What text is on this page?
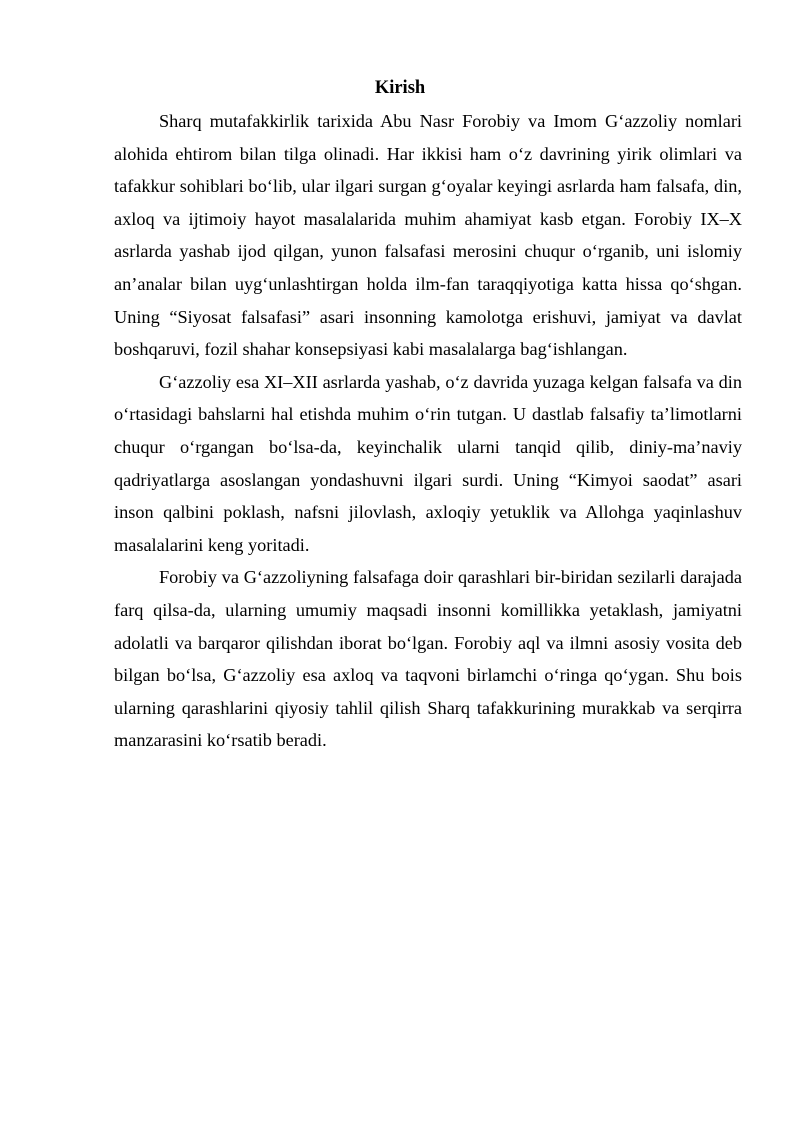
Kirish

Sharq mutafakkirlik tarixida Abu Nasr Forobiy va Imom G‘azzoliy nomlari alohida ehtirom bilan tilga olinadi. Har ikkisi ham o‘z davrining yirik olimlari va tafakkur sohiblari bo‘lib, ular ilgari surgan g‘oyalar keyingi asrlarda ham falsafa, din, axloq va ijtimoiy hayot masalalarida muhim ahamiyat kasb etgan. Forobiy IX–X asrlarda yashab ijod qilgan, yunon falsafasi merosini chuqur o‘rganib, uni islomiy an’analar bilan uyg‘unlashtirgan holda ilm-fan taraqqiyotiga katta hissa qo‘shgan. Uning “Siyosat falsafasi” asari insonning kamolotga erishuvi, jamiyat va davlat boshqaruvi, fozil shahar konsepsiyasi kabi masalalarga bag‘ishlangan.

G‘azzoliy esa XI–XII asrlarda yashab, o‘z davrida yuzaga kelgan falsafa va din o‘rtasidagi bahslarni hal etishda muhim o‘rin tutgan. U dastlab falsafiy ta’limotlarni chuqur o‘rgangan bo‘lsa-da, keyinchalik ularni tanqid qilib, diniy-ma’naviy qadriyatlarga asoslangan yondashuvni ilgari surdi. Uning “Kimyoi saodat” asari inson qalbini poklash, nafsni jilovlash, axloqiy yetuklik va Allohga yaqinlashuv masalalarini keng yoritadi.

Forobiy va G‘azzoliyning falsafaga doir qarashlari bir-biridan sezilarli darajada farq qilsa-da, ularning umumiy maqsadi insonni komillikka yetaklash, jamiyatni adolatli va barqaror qilishdan iborat bo‘lgan. Forobiy aql va ilmni asosiy vosita deb bilgan bo‘lsa, G‘azzoliy esa axloq va taqvoni birlamchi o‘ringa qo‘ygan. Shu bois ularning qarashlarini qiyosiy tahlil qilish Sharq tafakkurining murakkab va serqirra manzarasini ko‘rsatib beradi.
